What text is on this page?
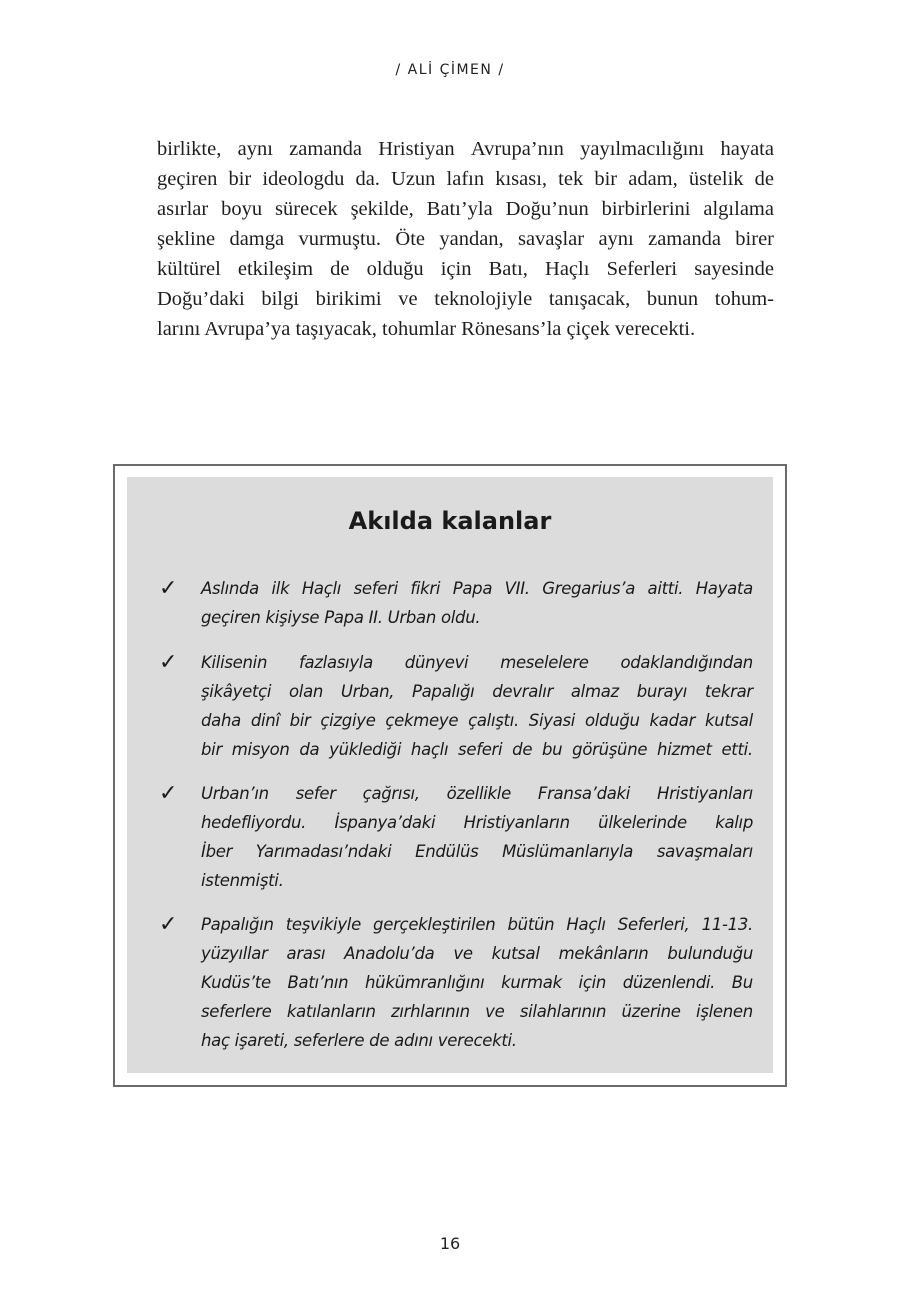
/ ALİ ÇİMEN /
birlikte, aynı zamanda Hristiyan Avrupa’nın yayılmacılığını hayata
geçiren bir ideologdu da. Uzun lafın kısası, tek bir adam, üstelik de
asırlar boyu sürecek şekilde, Batı’yla Doğu’nun birbirlerini algılama
şekline damga vurmuştu. Öte yandan, savaşlar aynı zamanda birer
kültürel etkileşim de olduğu için Batı, Haçlı Seferleri sayesinde
Doğu’daki bilgi birikimi ve teknolojiyle tanışacak, bunun tohum-
larını Avrupa’ya taşıyacak, tohumlar Rönesans’la çiçek verecekti.
Akılda kalanlar
✓ Aslında ilk Haçlı seferi fikri Papa VII. Gregarius’a aitti. Hayata
geçiren kişiyse Papa II. Urban oldu.
✓ Kilisenin fazlasıyla dünyevi meselelere odaklandığından
şikâyetçi olan Urban, Papalığı devralır almaz burayı tekrar
daha dinî bir çizgiye çekmeye çalıştı. Siyasi olduğu kadar kutsal
bir misyon da yüklediği haçlı seferi de bu görüşüne hizmet etti.
✓ Urban’ın sefer çağrısı, özellikle Fransa’daki Hristiyanları
hedefliyordu. İspanya’daki Hristiyanların ülkelerinde kalıp
İber Yarımadası’ndaki Endülüs Müslümanlarıyla savaşmaları
istenmişti.
✓ Papalığın teşvikiyle gerçekleştirilen bütün Haçlı Seferleri, 11-13.
yüzyıllar arası Anadolu’da ve kutsal mekânların bulunduğu
Kudüs’te Batı’nın hükümranlığını kurmak için düzenlendi. Bu
seferlere katılanların zırhlarının ve silahlarının üzerine işlenen
haç işareti, seferlere de adını verecekti.
16
